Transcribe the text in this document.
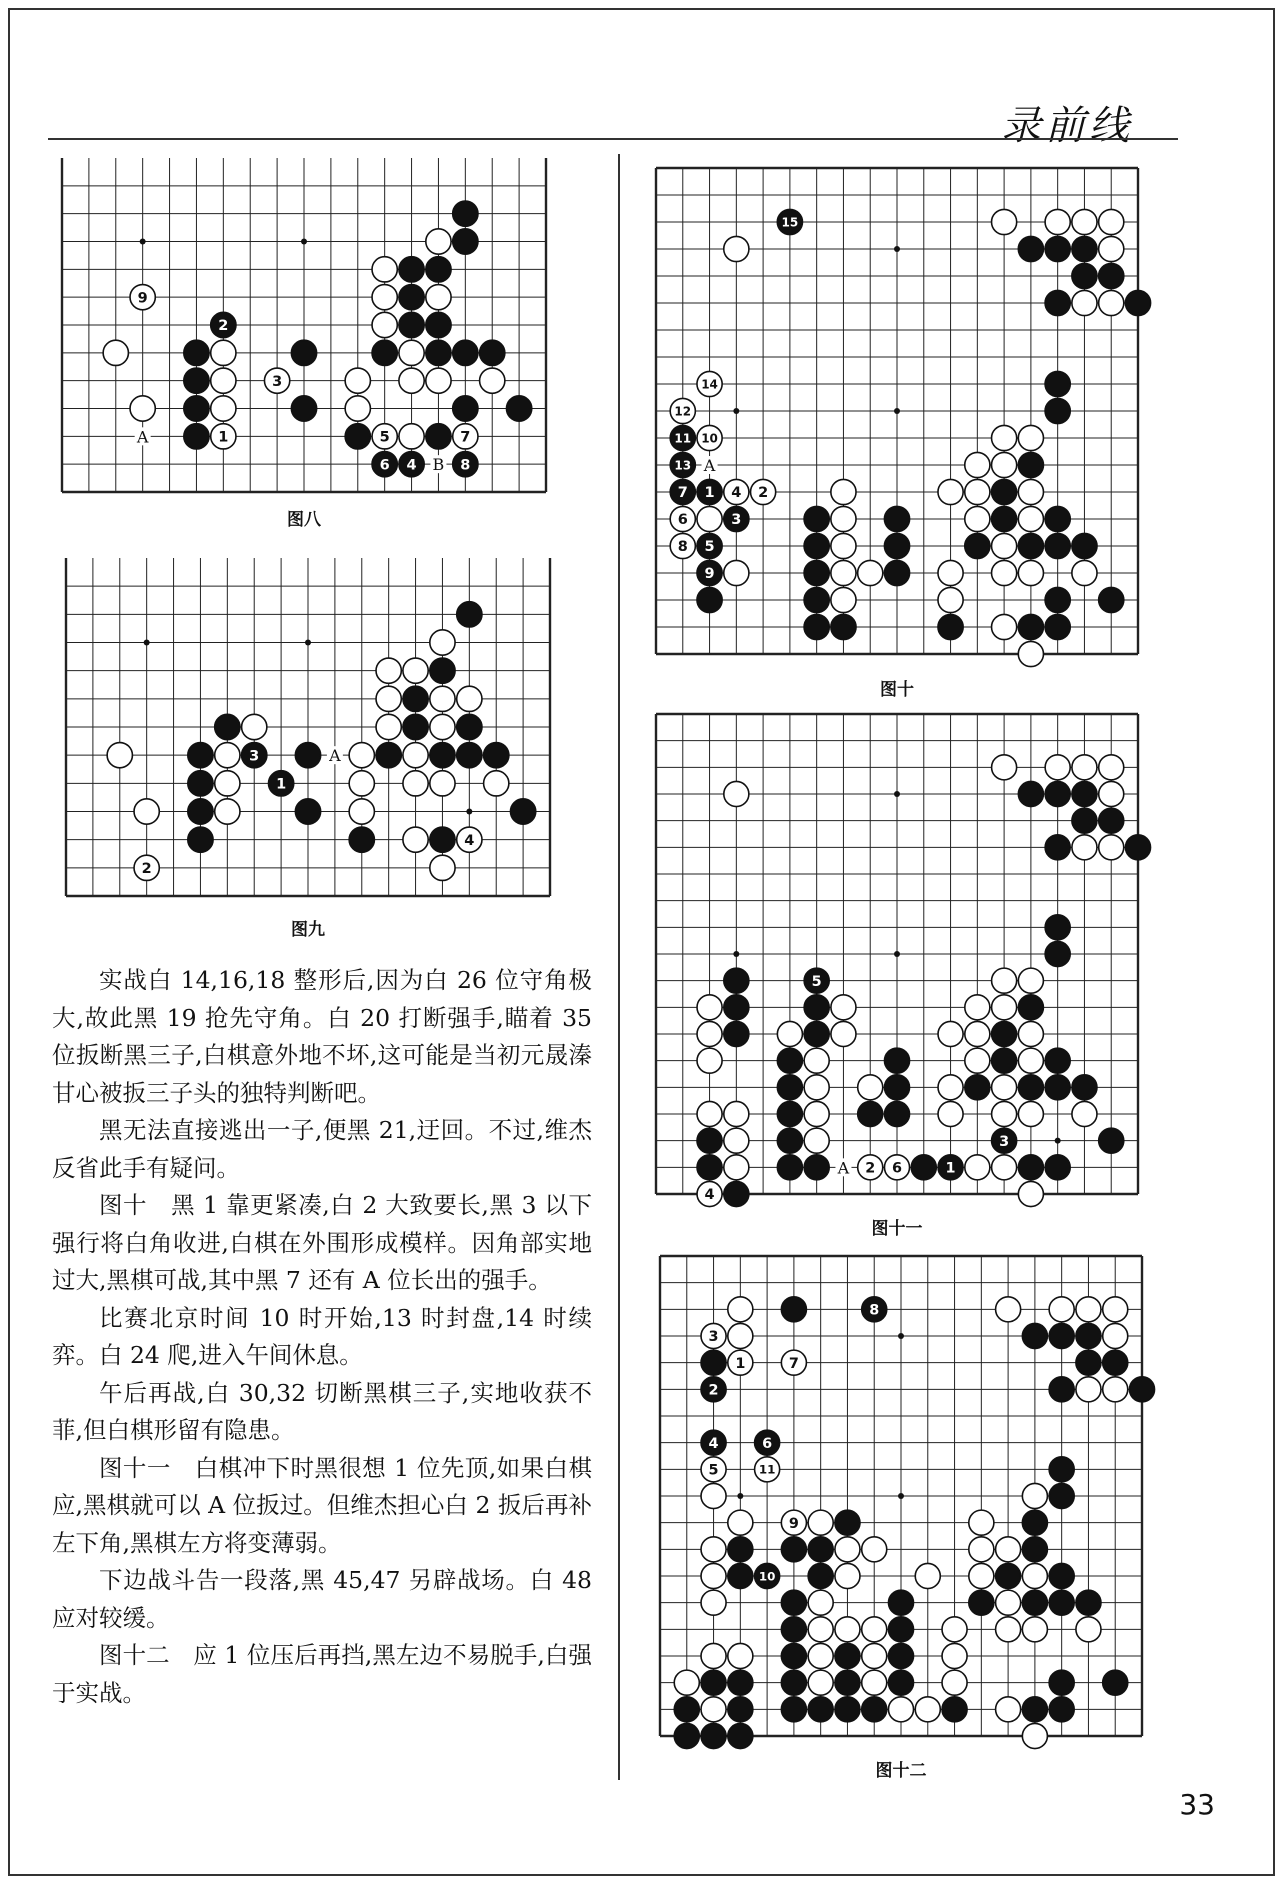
录前线
A
B
5	7
6 4	8
9
2
3
1
图八
A
4
3
1
2
图九
A
15
14
12
11 10
13
7 1 4 2
6	3
8 5
9
图十
A
3
6	1
5
2
4
图十一
8
3
1	7
2
4	6
5	11
9
10
图十二

实战白 14,16,18 整形后,因为白 26 位守角极大,故此黑 19 抢先守角。白 20 打断强手,瞄着 35 位扳断黑三子,白棋意外地不坏,这可能是当初元晟溱甘心被扳三子头的独特判断吧。

黑无法直接逃出一子,便黑 21,迂回。不过,维杰反省此手有疑问。

图十　黑 1 靠更紧凑,白 2 大致要长,黑 3 以下强行将白角收进,白棋在外围形成模样。因角部实地过大,黑棋可战,其中黑 7 还有 A 位长出的强手。

比赛北京时间 10 时开始,13 时封盘,14 时续弈。白 24 爬,进入午间休息。

午后再战,白 30,32 切断黑棋三子,实地收获不菲,但白棋形留有隐患。

图十一　白棋冲下时黑很想 1 位先顶,如果白棋应,黑棋就可以 A 位扳过。但维杰担心白 2 扳后再补左下角,黑棋左方将变薄弱。

下边战斗告一段落,黑 45,47 另辟战场。白 48 应对较缓。

图十二　应 1 位压后再挡,黑左边不易脱手,白强于实战。

33
